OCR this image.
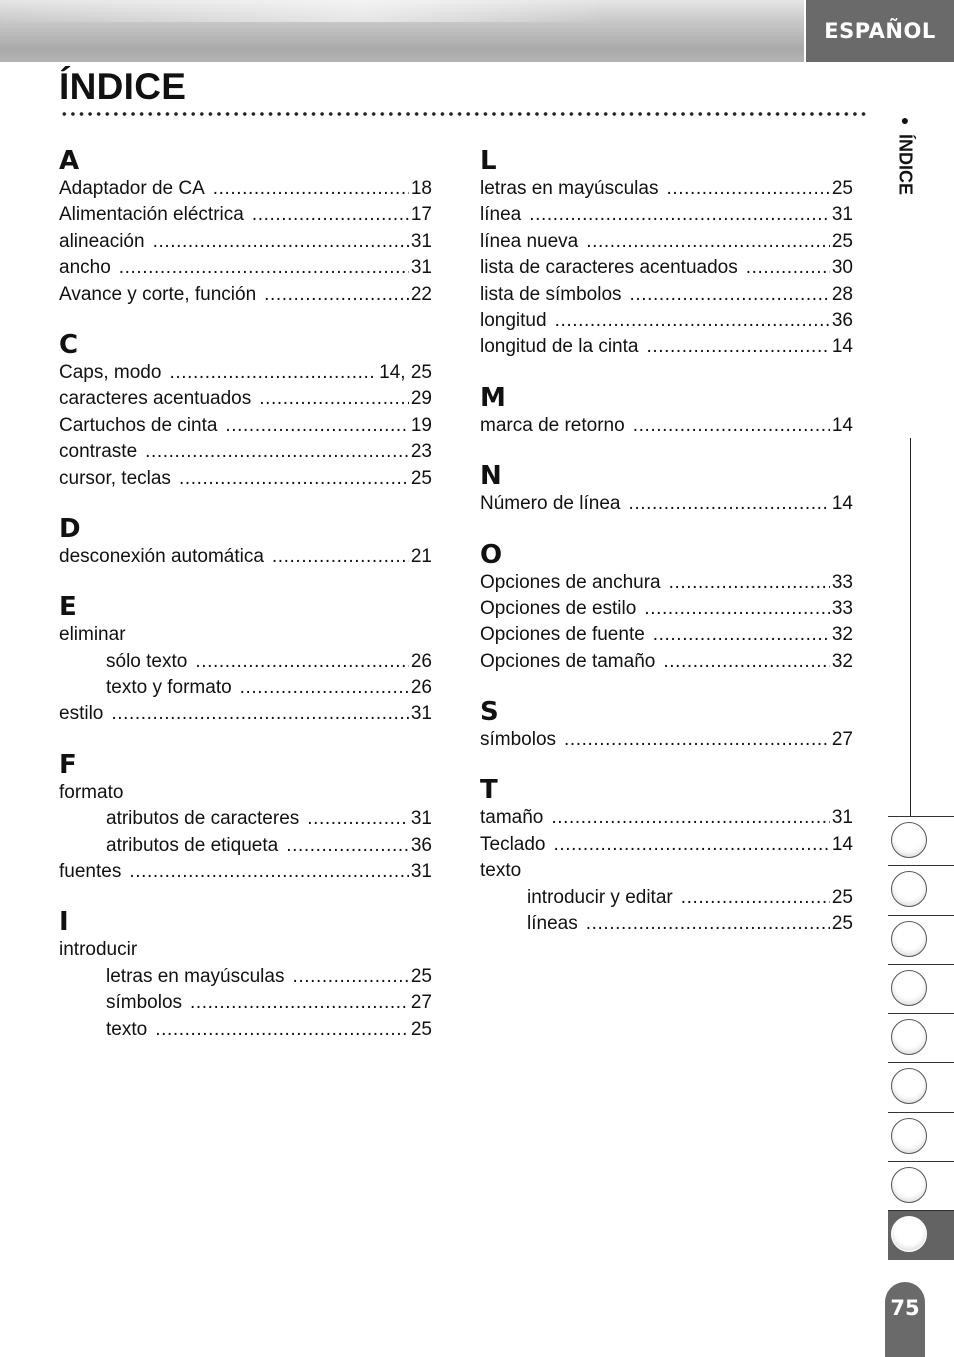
ESPAÑOL
ÍNDICE
A
Adaptador de CA .....	18
Alimentación eléctrica .....	17
alineación .....	31
ancho .....	31
Avance y corte, función .....	22
C
Caps, modo .....	14, 25
caracteres acentuados .....	29
Cartuchos de cinta .....	19
contraste .....	23
cursor, teclas .....	25
D
desconexión automática .....	21
E
eliminar
sólo texto .....	26
texto y formato .....	26
estilo .....	31
F
formato
atributos de caracteres .....	31
atributos de etiqueta .....	36
fuentes .....	31
I
introducir
letras en mayúsculas .....	25
símbolos .....	27
texto .....	25
L
letras en mayúsculas .....	25
línea .....	31
línea nueva .....	25
lista de caracteres acentuados .....	30
lista de símbolos .....	28
longitud .....	36
longitud de la cinta .....	14
M
marca de retorno .....	14
N
Número de línea .....	14
O
Opciones de anchura .....	33
Opciones de estilo .....	33
Opciones de fuente .....	32
Opciones de tamaño .....	32
S
símbolos .....	27
T
tamaño .....	31
Teclado .....	14
texto
introducir y editar .....	25
líneas .....	25
●
ÍNDICE
75
